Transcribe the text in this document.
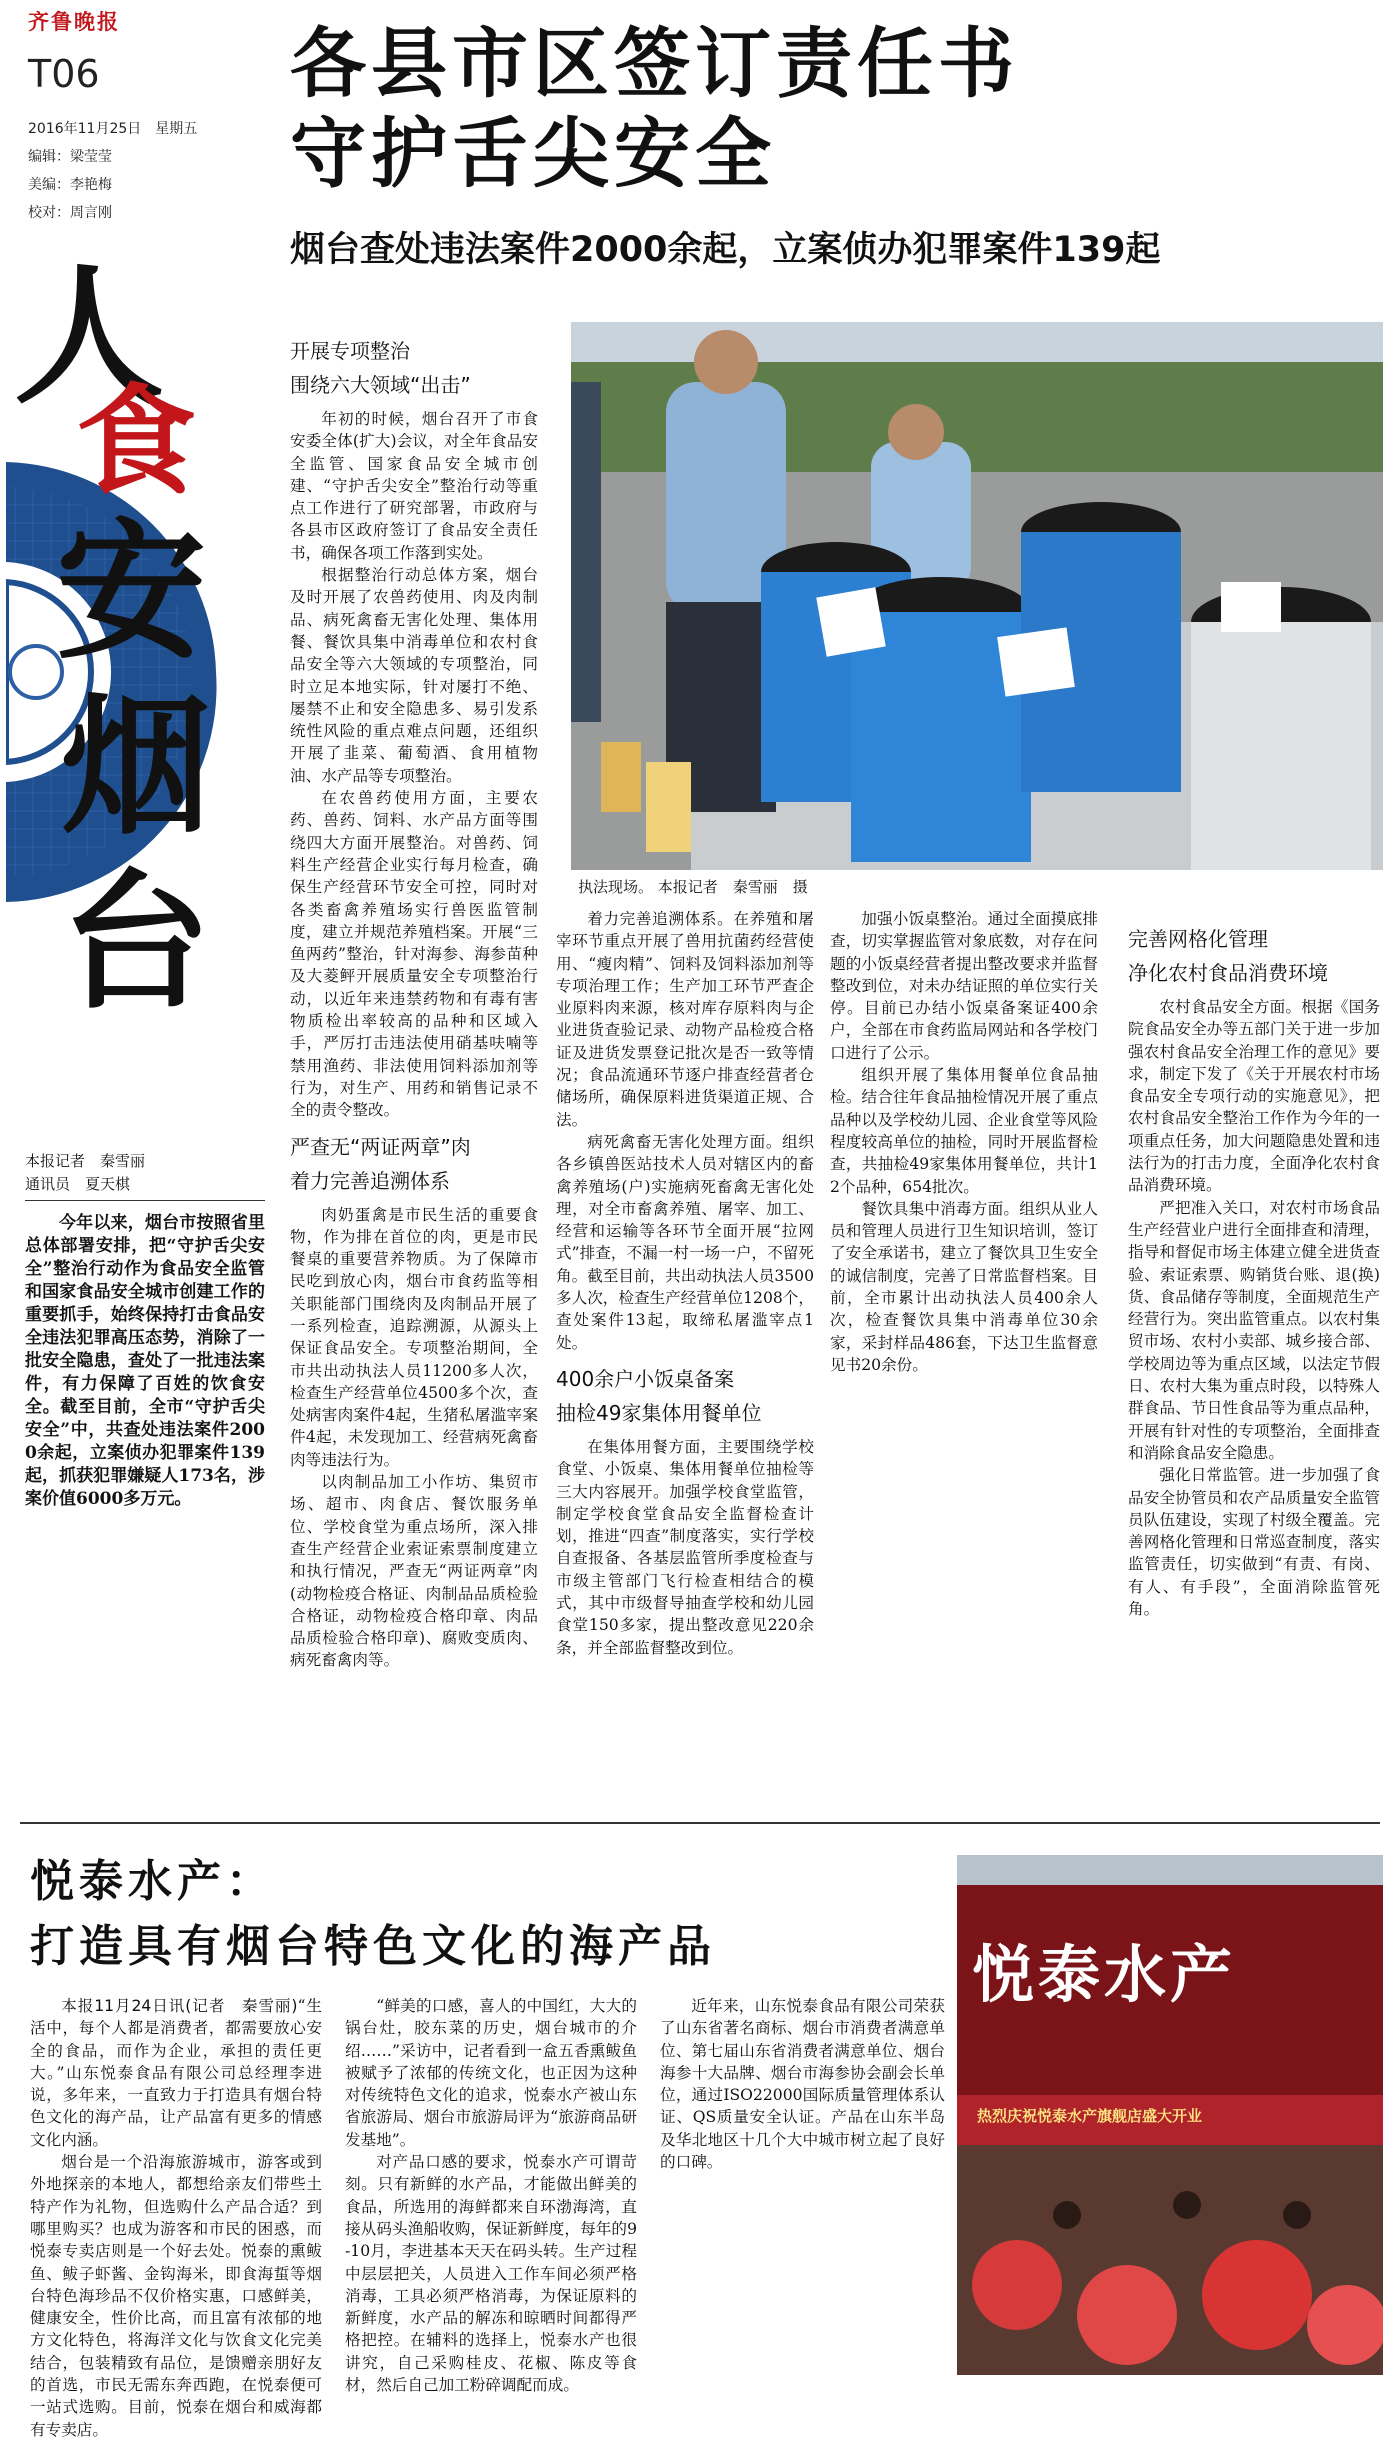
齐鲁晚报
T06
2016年11月25日　星期五
编辑：梁莹莹
美编：李艳梅
校对：周言刚
各县市区签订责任书
守护舌尖安全
烟台查处违法案件2000余起，立案侦办犯罪案件139起
人
食
安
烟
台	执法现场。 本报记者　秦雪丽　摄
本报记者　秦雪丽
通讯员　夏天棋

今年以来，烟台市按照省里总体部署安排，把“守护舌尖安全”整治行动作为食品安全监管和国家食品安全城市创建工作的重要抓手，始终保持打击食品安全违法犯罪高压态势，消除了一批安全隐患，查处了一批违法案件，有力保障了百姓的饮食安全。截至目前，全市“守护舌尖安全”中，共查处违法案件2000余起，立案侦办犯罪案件139起，抓获犯罪嫌疑人173名，涉案价值6000多万元。

开展专项整治
围绕六大领域“出击”

年初的时候，烟台召开了市食安委全体(扩大)会议，对全年食品安全监管、国家食品安全城市创建、“守护舌尖安全”整治行动等重点工作进行了研究部署，市政府与各县市区政府签订了食品安全责任书，确保各项工作落到实处。

根据整治行动总体方案，烟台及时开展了农兽药使用、肉及肉制品、病死禽畜无害化处理、集体用餐、餐饮具集中消毒单位和农村食品安全等六大领域的专项整治，同时立足本地实际，针对屡打不绝、屡禁不止和安全隐患多、易引发系统性风险的重点难点问题，还组织开展了韭菜、葡萄酒、食用植物油、水产品等专项整治。

在农兽药使用方面，主要农药、兽药、饲料、水产品方面等围绕四大方面开展整治。对兽药、饲料生产经营企业实行每月检查，确保生产经营环节安全可控，同时对各类畜禽养殖场实行兽医监管制度，建立并规范养殖档案。开展“三鱼两药”整治，针对海参、海参苗种及大菱鲆开展质量安全专项整治行动，以近年来违禁药物和有毒有害物质检出率较高的品种和区域入手，严厉打击违法使用硝基呋喃等禁用渔药、非法使用饲料添加剂等行为，对生产、用药和销售记录不全的责令整改。

严查无“两证两章”肉
着力完善追溯体系

肉奶蛋禽是市民生活的重要食物，作为排在首位的肉，更是市民餐桌的重要营养物质。为了保障市民吃到放心肉，烟台市食药监等相关职能部门围绕肉及肉制品开展了一系列检查，追踪溯源，从源头上保证食品安全。专项整治期间，全市共出动执法人员11200多人次，检查生产经营单位4500多个次，查处病害肉案件4起，生猪私屠滥宰案件4起，未发现加工、经营病死禽畜肉等违法行为。

以肉制品加工小作坊、集贸市场、超市、肉食店、餐饮服务单位、学校食堂为重点场所，深入排查生产经营企业索证索票制度建立和执行情况，严查无“两证两章”肉(动物检疫合格证、肉制品品质检验合格证，动物检疫合格印章、肉品品质检验合格印章)、腐败变质肉、病死畜禽肉等。

着力完善追溯体系。在养殖和屠宰环节重点开展了兽用抗菌药经营使用、“瘦肉精”、饲料及饲料添加剂等专项治理工作；生产加工环节严查企业原料肉来源，核对库存原料肉与企业进货查验记录、动物产品检疫合格证及进货发票登记批次是否一致等情况；食品流通环节逐户排查经营者仓储场所，确保原料进货渠道正规、合法。

病死禽畜无害化处理方面。组织各乡镇兽医站技术人员对辖区内的畜禽养殖场(户)实施病死畜禽无害化处理，对全市畜禽养殖、屠宰、加工、经营和运输等各环节全面开展“拉网式”排查，不漏一村一场一户，不留死角。截至目前，共出动执法人员3500多人次，检查生产经营单位1208个，查处案件13起，取缔私屠滥宰点1处。

400余户小饭桌备案
抽检49家集体用餐单位

在集体用餐方面，主要围绕学校食堂、小饭桌、集体用餐单位抽检等三大内容展开。加强学校食堂监管，制定学校食堂食品安全监督检查计划，推进“四查”制度落实，实行学校自查报备、各基层监管所季度检查与市级主管部门飞行检查相结合的模式，其中市级督导抽查学校和幼儿园食堂150多家，提出整改意见220余条，并全部监督整改到位。

加强小饭桌整治。通过全面摸底排查，切实掌握监管对象底数，对存在问题的小饭桌经营者提出整改要求并监督整改到位，对未办结证照的单位实行关停。目前已办结小饭桌备案证400余户，全部在市食药监局网站和各学校门口进行了公示。

组织开展了集体用餐单位食品抽检。结合往年食品抽检情况开展了重点品种以及学校幼儿园、企业食堂等风险程度较高单位的抽检，同时开展监督检查，共抽检49家集体用餐单位，共计12个品种，654批次。

餐饮具集中消毒方面。组织从业人员和管理人员进行卫生知识培训，签订了安全承诺书，建立了餐饮具卫生安全的诚信制度，完善了日常监督档案。目前，全市累计出动执法人员400余人次，检查餐饮具集中消毒单位30余家，采封样品486套，下达卫生监督意见书20余份。

完善网格化管理
净化农村食品消费环境

农村食品安全方面。根据《国务院食品安全办等五部门关于进一步加强农村食品安全治理工作的意见》要求，制定下发了《关于开展农村市场食品安全专项行动的实施意见》，把农村食品安全整治工作作为今年的一项重点任务，加大问题隐患处置和违法行为的打击力度，全面净化农村食品消费环境。

严把准入关口，对农村市场食品生产经营业户进行全面排查和清理，指导和督促市场主体建立健全进货查验、索证索票、购销货台账、退(换)货、食品储存等制度，全面规范生产经营行为。突出监管重点。以农村集贸市场、农村小卖部、城乡接合部、学校周边等为重点区域，以法定节假日、农村大集为重点时段，以特殊人群食品、节日性食品等为重点品种，开展有针对性的专项整治，全面排查和消除食品安全隐患。

强化日常监管。进一步加强了食品安全协管员和农产品质量安全监管员队伍建设，实现了村级全覆盖。完善网格化管理和日常巡查制度，落实监管责任，切实做到“有责、有岗、有人、有手段”，全面消除监管死角。

悦泰水产：
打造具有烟台特色文化的海产品

本报11月24日讯(记者　秦雪丽)“生活中，每个人都是消费者，都需要放心安全的食品，而作为企业，承担的责任更大。”山东悦泰食品有限公司总经理李进说，多年来，一直致力于打造具有烟台特色文化的海产品，让产品富有更多的情感文化内涵。

烟台是一个沿海旅游城市，游客或到外地探亲的本地人，都想给亲友们带些土特产作为礼物，但选购什么产品合适？到哪里购买？也成为游客和市民的困惑，而悦泰专卖店则是一个好去处。悦泰的熏鲅鱼、鲅子虾酱、金钩海米，即食海蜇等烟台特色海珍品不仅价格实惠，口感鲜美，健康安全，性价比高，而且富有浓郁的地方文化特色，将海洋文化与饮食文化完美结合，包装精致有品位，是馈赠亲朋好友的首选，市民无需东奔西跑，在悦泰便可一站式选购。目前，悦泰在烟台和威海都有专卖店。

“鲜美的口感，喜人的中国红，大大的锅台灶，胶东菜的历史，烟台城市的介绍……”采访中，记者看到一盒五香熏鲅鱼被赋予了浓郁的传统文化，也正因为这种对传统特色文化的追求，悦泰水产被山东省旅游局、烟台市旅游局评为“旅游商品研发基地”。

对产品口感的要求，悦泰水产可谓苛刻。只有新鲜的水产品，才能做出鲜美的食品，所选用的海鲜都来自环渤海湾，直接从码头渔船收购，保证新鲜度，每年的9-10月，李进基本天天在码头转。生产过程中层层把关，人员进入工作车间必须严格消毒，工具必须严格消毒，为保证原料的新鲜度，水产品的解冻和晾晒时间都得严格把控。在辅料的选择上，悦泰水产也很讲究，自己采购桂皮、花椒、陈皮等食材，然后自己加工粉碎调配而成。

近年来，山东悦泰食品有限公司荣获了山东省著名商标、烟台市消费者满意单位、第七届山东省消费者满意单位、烟台海参十大品牌、烟台市海参协会副会长单位，通过ISO22000国际质量管理体系认证、QS质量安全认证。产品在山东半岛及华北地区十几个大中城市树立起了良好的口碑。

悦泰水产
热烈庆祝悦泰水产旗舰店盛大开业
